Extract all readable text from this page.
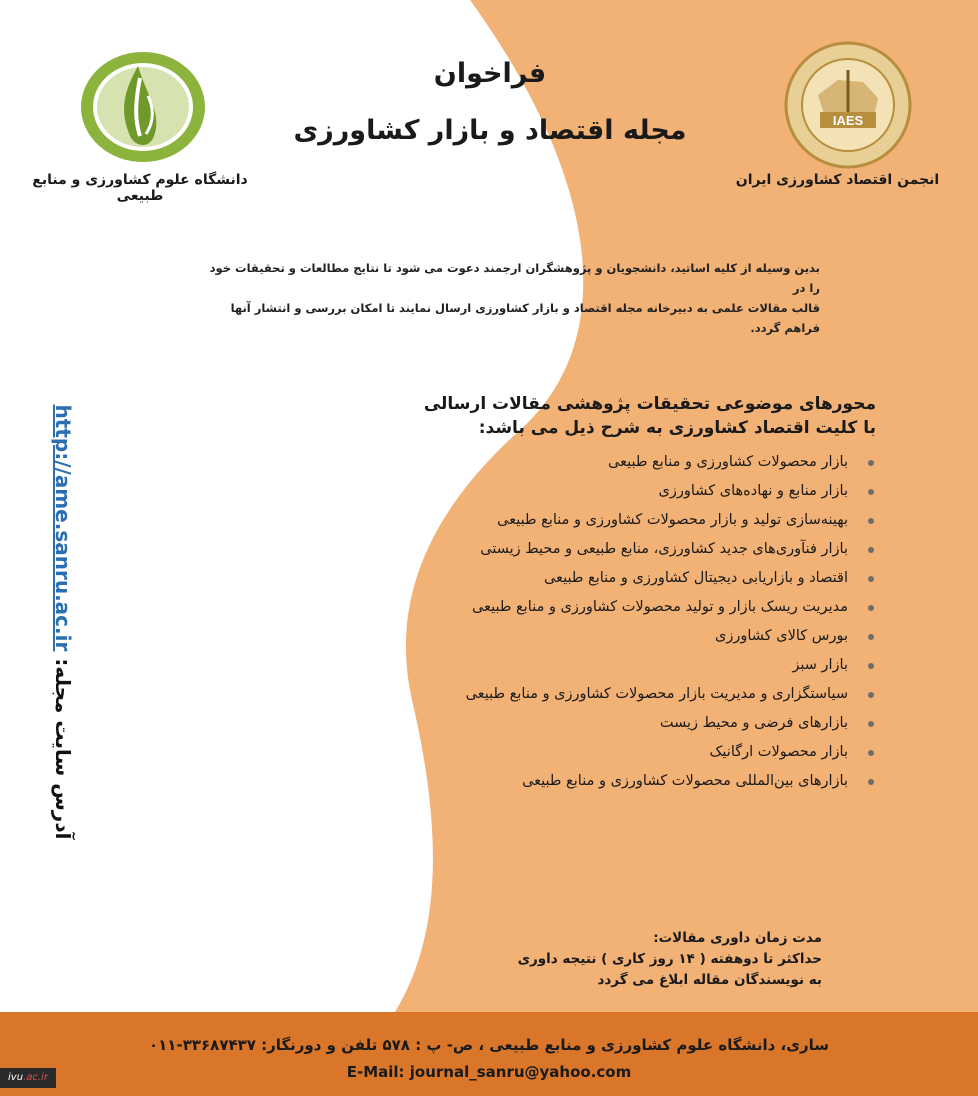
دانشگاه علوم کشاورزی و منابع طبیعی
IAES
انجمن اقتصاد کشاورزی ایران
فراخوان
مجله اقتصاد و بازار کشاورزی
بدین وسیله از کلیه اساتید، دانشجویان و پژوهشگران ارجمند دعوت می شود تا نتایج مطالعات و تحقیقات خود را در
قالب مقالات علمی به دبیرخانه مجله اقتصاد و بازار کشاورزی ارسال نمایند تا امکان بررسی و انتشار آنها فراهم گردد.
محورهای موضوعی تحقیقات پژوهشی مقالات ارسالی
با کلیت اقتصاد کشاورزی به شرح ذیل می باشد:
بازار محصولات کشاورزی و منابع طبیعی
بازار منابع و نهاده‌های کشاورزی
بهینه‌سازی تولید و بازار محصولات کشاورزی و منابع طبیعی
بازار فنآوری‌های جدید کشاورزی، منابع طبیعی و محیط زیستی
اقتصاد و بازاریابی دیجیتال کشاورزی و منابع طبیعی
مدیریت ریسک بازار و تولید محصولات کشاورزی و منابع طبیعی
بورس کالای کشاورزی
بازار سبز
سیاستگزاری و مدیریت بازار محصولات کشاورزی و منابع طبیعی
بازارهای فرضی و محیط زیست
بازار محصولات ارگانیک
بازارهای بین‌المللی محصولات کشاورزی و منابع طبیعی
آدرس سایت مجله: http://ame.sanru.ac.ir
مدت زمان داوری مقالات:
حداکثر تا دوهفته ( ۱۴ روز کاری ) نتیجه داوری
به نویسندگان مقاله ابلاغ می گردد
ساری، دانشگاه علوم کشاورزی و منابع طبیعی ، ص- پ : ۵۷۸ تلفن و دورنگار: ۳۳۶۸۷۴۳۷-۰۱۱
E-Mail: journal_sanru@yahoo.com
ivu.ac.ir
